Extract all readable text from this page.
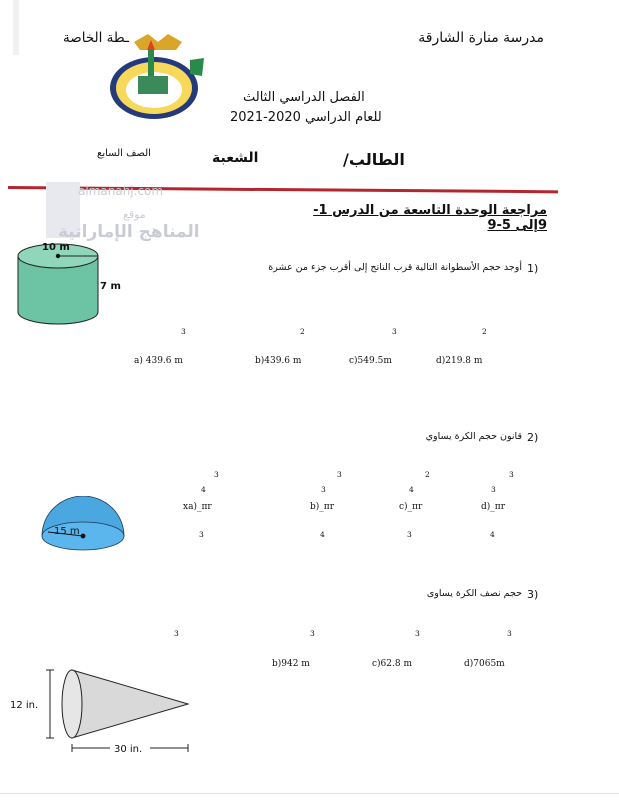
مدرسة منارة الشارقة
ـطة الخاصة
الفصل الدراسي الثالث
للعام الدراسي 2020-2021
الطالب/
الشعبة
الصف السابع
almanahj.com
موقع
المناهج الإماراتية
مراجعة الوحدة التاسعة من الدرس 1-9إلى 5-9
10 m
7 m
1)
أوجد حجم الأسطوانة التالية قرب الناتج إلى أقرب جزء من عشرة
3	2	3	2
a) 439.6 m	b)439.6 m	c)549.5m	d)219.8 m
2)
قانون حجم الكرة يساوي
3	3	2	3
4	3	4	3
xa)_πr	b)_πr	c)_πr	d)_πr
3	4	3	4
15 m
3)
حجم نصف الكرة يساوى
3	3	3	3
b)942 m	c)62.8 m	d)7065m
12 in.
30 in.
